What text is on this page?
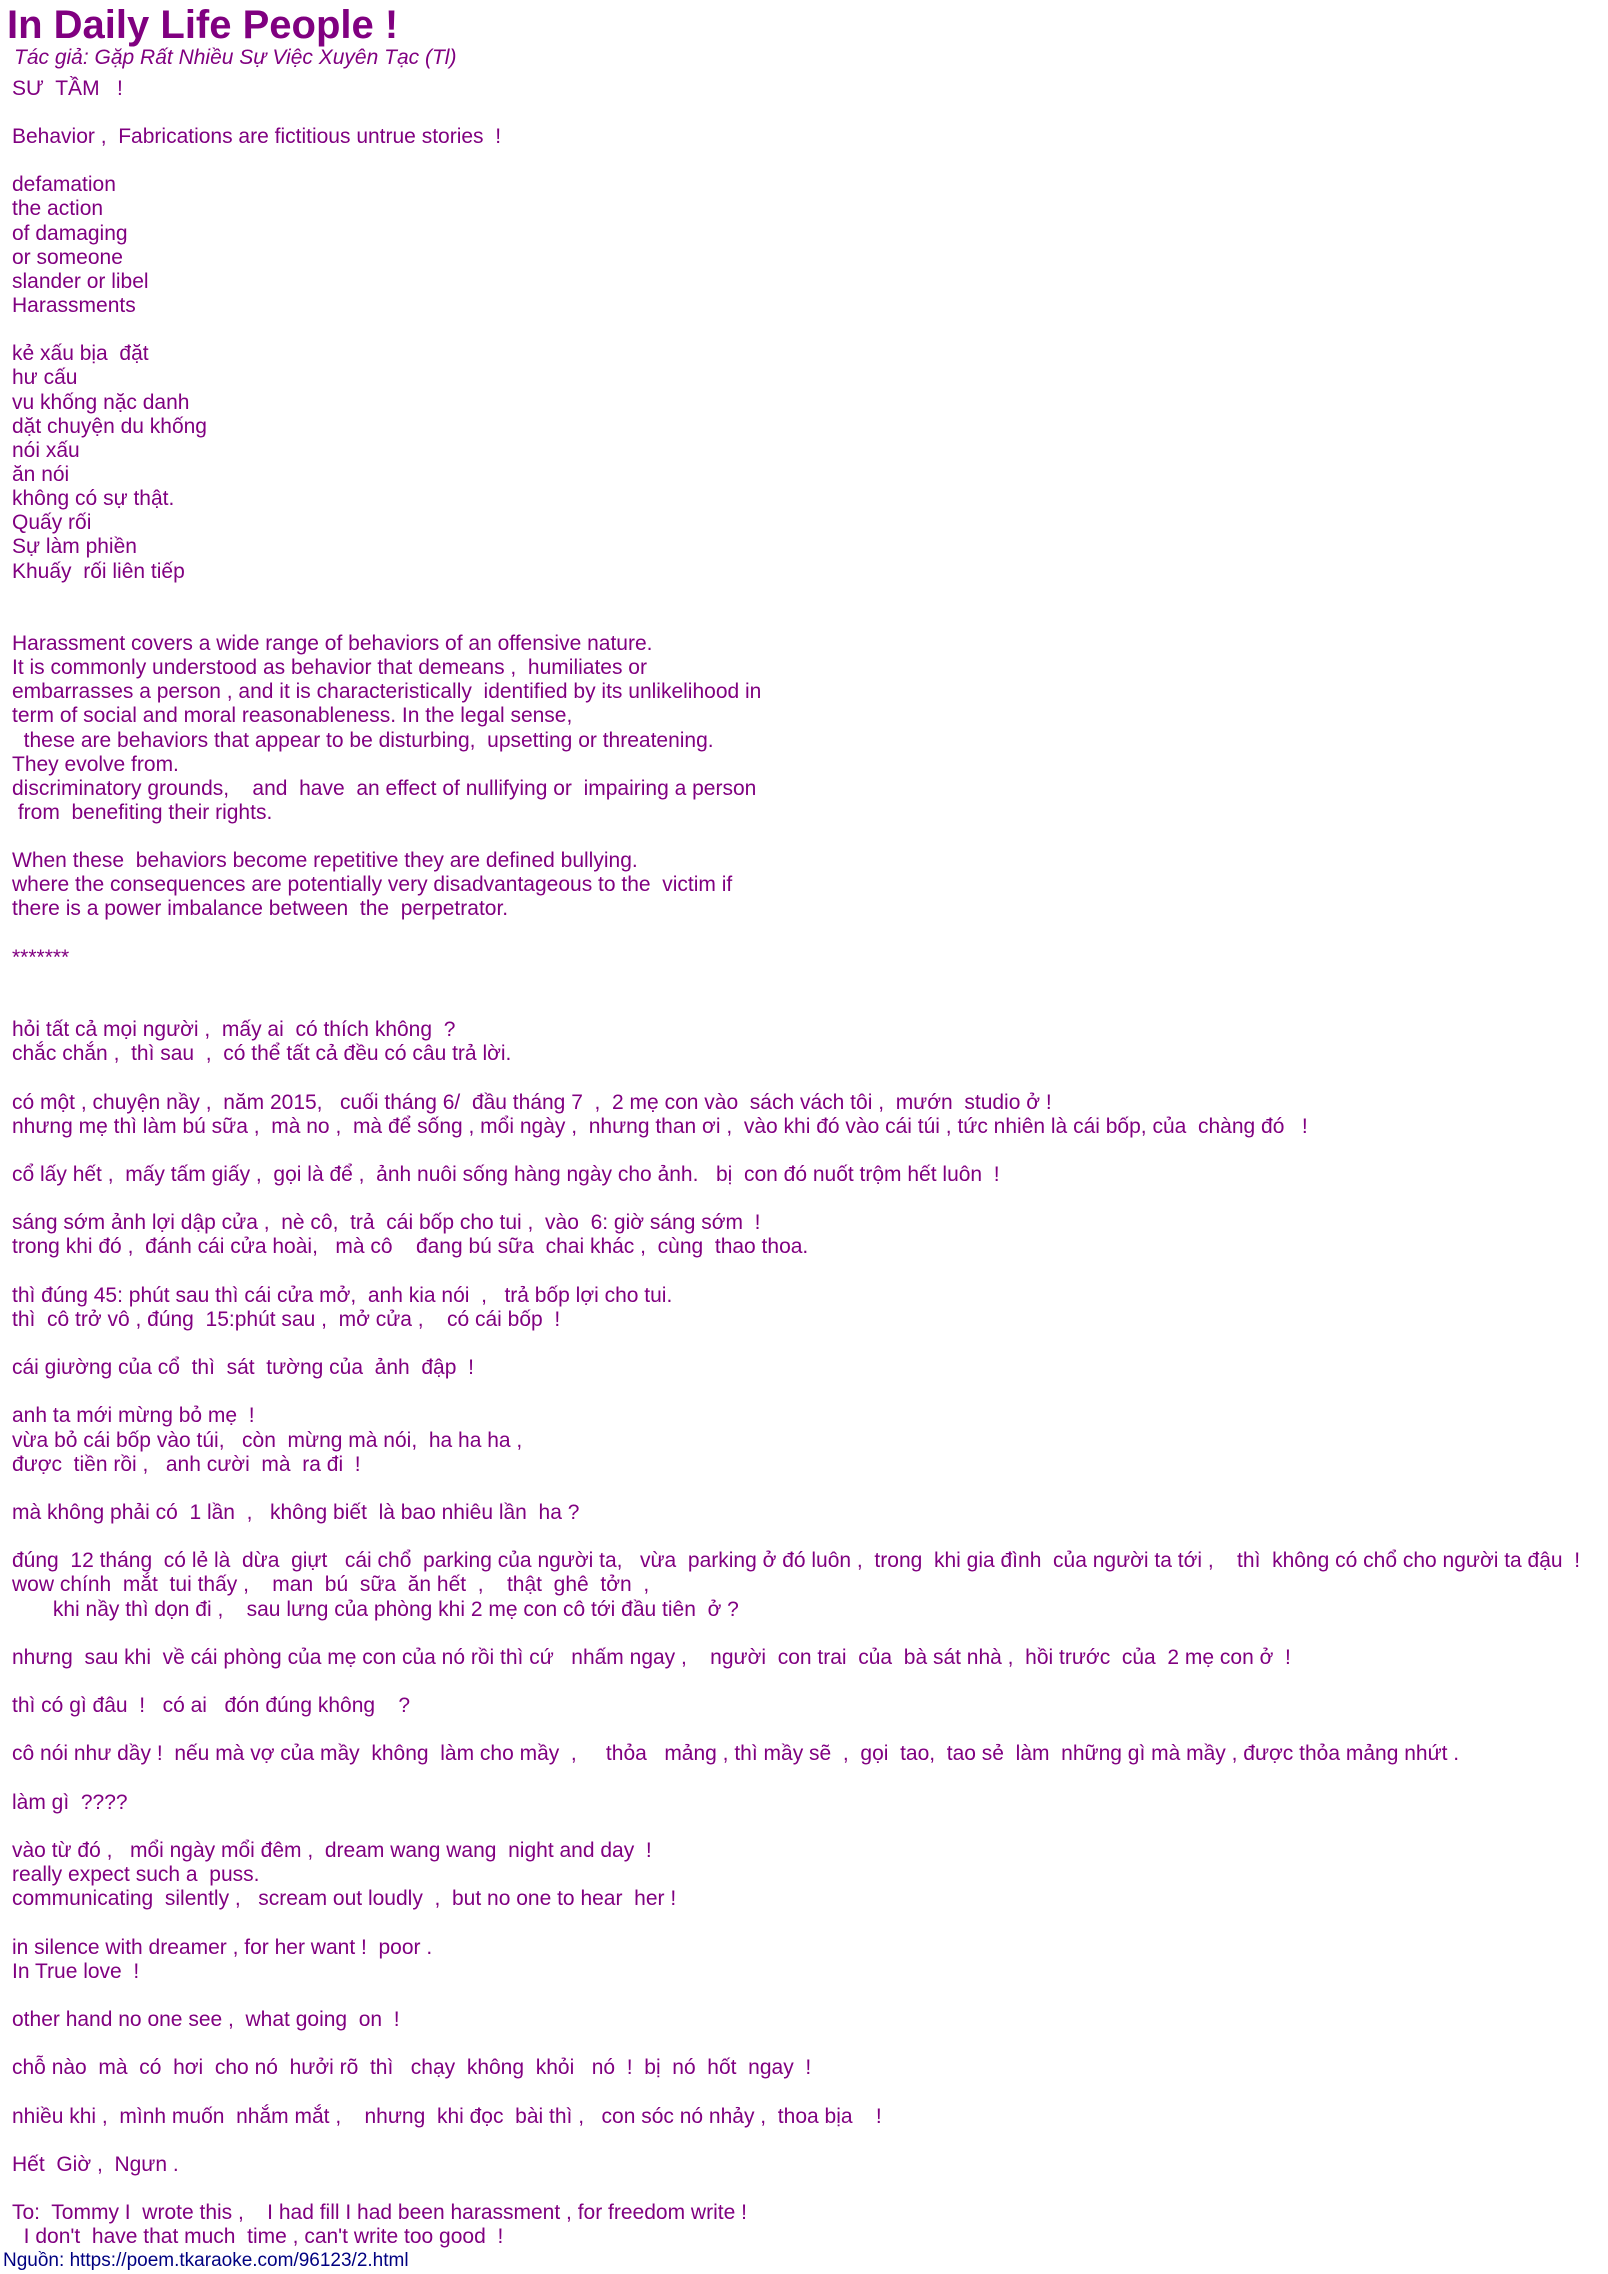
In Daily Life People !
Tác giả: Gặp Rất Nhiều Sự Việc Xuyên Tạc (Tl)
SƯ  TẦM   !
Behavior ,  Fabrications are fictitious untrue stories  !
defamation
the action
of damaging
or someone
slander or libel
Harassments
kẻ xấu bịa  đặt
hư cấu
vu khống nặc danh
dặt chuyện du khống
nói xấu
ăn nói
không có sự thật.
Quấy rối
Sự làm phiền
Khuấy  rối liên tiếp
Harassment covers a wide range of behaviors of an offensive nature.
It is commonly understood as behavior that demeans ,  humiliates or
embarrasses a person , and it is characteristically  identified by its unlikelihood in
term of social and moral reasonableness. In the legal sense,
these are behaviors that appear to be disturbing,  upsetting or threatening.
They evolve from.
discriminatory grounds,    and  have  an effect of nullifying or  impairing a person
from  benefiting their rights.
When these  behaviors become repetitive they are defined bullying.
where the consequences are potentially very disadvantageous to the  victim if
there is a power imbalance between  the  perpetrator.
*******
hỏi tất cả mọi người ,  mấy ai  có thích không  ?
chắc chắn ,  thì sau  ,  có thể tất cả đều có câu trả lời.
có một , chuyện nầy ,  năm 2015,   cuối tháng 6/  đầu tháng 7  ,  2 mẹ con vào  sách vách tôi ,  mướn  studio ở !
nhưng mẹ thì làm bú sữa ,  mà no ,  mà để sống , mổi ngày ,  nhưng than ơi ,  vào khi đó vào cái túi , tức nhiên là cái bốp, của  chàng đó   !
cổ lấy hết ,  mấy tấm giấy ,  gọi là để ,  ảnh nuôi sống hàng ngày cho ảnh.   bị  con đó nuốt trộm hết luôn  !
sáng sớm ảnh lợi dập cửa ,  nè cô,  trả  cái bốp cho tui ,  vào  6: giờ sáng sớm  !
trong khi đó ,  đánh cái cửa hoài,   mà cô    đang bú sữa  chai khác ,  cùng  thao thoa.
thì đúng 45: phút sau thì cái cửa mở,  anh kia nói  ,   trả bốp lợi cho tui.
thì  cô trở vô , đúng  15:phút sau ,  mở cửa ,    có cái bốp  !
cái giường của cổ  thì  sát  tường của  ảnh  đập  !
anh ta mới mừng bỏ mẹ  !
vừa bỏ cái bốp vào túi,   còn  mừng mà nói,  ha ha ha ,
được  tiền rồi ,   anh cười  mà  ra đi  !
mà không phải có  1 lần  ,   không biết  là bao nhiêu lần  ha ?
đúng  12 tháng  có lẻ là  dừa  giựt   cái chổ  parking của người ta,   vừa  parking ở đó luôn ,  trong  khi gia đình  của người ta tới ,    thì  không có chổ cho người ta đậu  !
wow chính  mắt  tui thấy ,    man  bú  sữa  ăn hết  ,    thật  ghê  tởn  ,
khi nầy thì dọn đi ,    sau lưng của phòng khi 2 mẹ con cô tới đầu tiên  ở ?
nhưng  sau khi  về cái phòng của mẹ con của nó rồi thì cứ   nhấm ngay ,    người  con trai  của  bà sát nhà ,  hồi trước  của  2 mẹ con ở  !
thì có gì đâu  !   có ai   đón đúng không    ?
cô nói như dầy !  nếu mà vợ của mầy  không  làm cho mầy  ,     thỏa   mảng , thì mầy sẽ  ,  gọi  tao,  tao sẻ  làm  những gì mà mầy , được thỏa mảng nhứt .
làm gì  ????
vào từ đó ,   mổi ngày mổi đêm ,  dream wang wang  night and day  !
really expect such a  puss.
communicating  silently ,   scream out loudly  ,  but no one to hear  her !
in silence with dreamer , for her want !  poor .
In True love  !
other hand no one see ,  what going  on  !
chỗ nào  mà  có  hơi  cho nó  hưởi rõ  thì   chạy  không  khỏi   nó  !  bị  nó  hốt  ngay  !
nhiều khi ,  mình muốn  nhắm mắt ,    nhưng  khi đọc  bài thì ,   con sóc nó nhảy ,  thoa bịa    !
Hết  Giờ ,  Ngưn .
To:  Tommy I  wrote this ,    I had fill I had been harassment , for freedom write !
I don't  have that much  time , can't write too good  !
Nguồn: https://poem.tkaraoke.com/96123/2.html
